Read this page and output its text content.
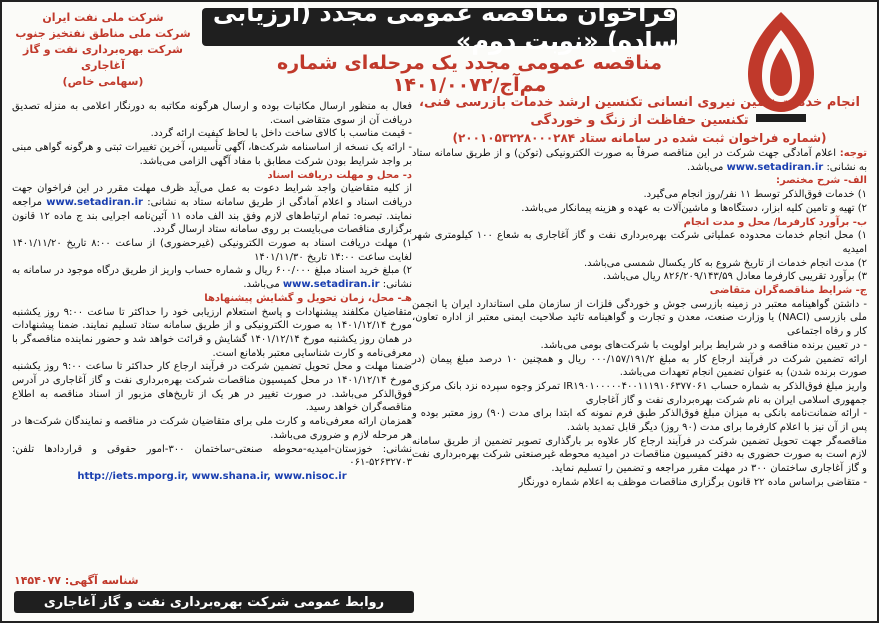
فراخوان مناقصه عمومی مجدد (ارزیابی ساده) «نوبت دوم»
مناقصه عمومی مجدد یک مرحله‌ای شماره مم‌آج/۱۴۰۱/۰۰۷۲
شرکت ملی نفت ایران
شرکت ملی مناطق نفتخیز جنوب
شرکت بهره‌برداری نفت و گاز آغاجاری
(سهامی خاص)

انجام خدمات تامین نیروی انسانی تکنسین ارشد خدمات بازرسی فنی،

تکنسین حفاظت از زنگ و خوردگی

(شماره فراخوان ثبت شده در سامانه ستاد ۲۰۰۱۰۵۳۲۲۸۰۰۰۲۸۴)

توجه: اعلام آمادگی جهت شرکت در این مناقصه صرفاً به صورت الکترونیکی (توکن) و از طریق سامانه ستاد به نشانی: www.setadiran.ir می‌باشد.

الف- شرح مختصر:

۱) خدمات فوق‌الذکر توسط ۱۱ نفر/روز انجام می‌گیرد.

۲) تهیه و تامین کلیه ابزار، دستگاه‌ها و ماشین‌آلات به عهده و هزینه پیمانکار می‌باشد.

ب- برآورد کارفرما/ محل و مدت انجام

۱) محل انجام خدمات محدوده عملیاتی شرکت بهره‌برداری نفت و گاز آغاجاری به شعاع ۱۰۰ کیلومتری شهر امیدیه

۲) مدت انجام خدمات از تاریخ شروع به کار یکسال شمسی می‌باشد.

۳) برآورد تقریبی کارفرما معادل ۸۲۶/۲۰۹/۱۴۳/۵۹ ریال می‌باشد.

ج- شرایط مناقصه‌گران متقاضی

- داشتن گواهینامه معتبر در زمینه بازرسی جوش و خوردگی فلزات از سازمان ملی استاندارد ایران یا انجمن ملی بازرسی (NACI) یا وزارت صنعت، معدن و تجارت و گواهینامه تائید صلاحیت ایمنی معتبر از اداره تعاون، کار و رفاه اجتماعی

- در تعیین برنده مناقصه و در شرایط برابر اولویت با شرکت‌های بومی می‌باشد.

ارائه تضمین شرکت در فرآیند ارجاع کار به مبلغ ۰۰۰/۱۵۷/۱۹۱/۲ ریال و همچنین ۱۰ درصد مبلغ پیمان (در صورت برنده شدن) به عنوان تضمین انجام تعهدات می‌باشد.

واریز مبلغ فوق‌الذکر به شماره حساب IR۱۹۰۱۰۰۰۰۰۴۰۰۱۱۱۹۱۰۶۳۷۷۰۶۱ تمرکز وجوه سپرده نزد بانک مرکزی جمهوری اسلامی ایران به نام شرکت بهره‌برداری نفت و گاز آغاجاری

- ارائه ضمانت‌نامه بانکی به میزان مبلغ فوق‌الذکر طبق فرم نمونه که ابتدا برای مدت (۹۰) روز معتبر بوده و پس از آن نیز با اعلام کارفرما برای مدت (۹۰ روز) دیگر قابل تمدید باشد.

مناقصه‌گر جهت تحویل تضمین شرکت در فرآیند ارجاع کار علاوه بر بارگذاری تصویر تضمین از طریق سامانه لازم است به صورت حضوری به دفتر کمیسیون مناقصات در امیدیه محوطه غیرصنعتی شرکت بهره‌برداری نفت و گاز آغاجاری ساختمان ۳۰۰ در مهلت مقرر مراجعه و تضمین را تسلیم نماید.

- متقاضی براساس ماده ۲۲ قانون برگزاری مناقصات موظف به اعلام شماره دورنگار

فعال به منظور ارسال مکاتبات بوده و ارسال هرگونه مکاتبه به دورنگار اعلامی به منزله تصدیق دریافت آن از سوی متقاضی است.

- قیمت مناسب با کالای ساخت داخل با لحاظ کیفیت ارائه گردد.

- ارائه یک نسخه از اساسنامه شرکت‌ها، آگهی تأسیس، آخرین تغییرات ثبتی و هرگونه گواهی مبنی بر واجد شرایط بودن شرکت مطابق با مفاد آگهی الزامی می‌باشد.

د- محل و مهلت دریافت اسناد

از کلیه متقاضیان واجد شرایط دعوت به عمل می‌آید ظرف مهلت مقرر در این فراخوان جهت دریافت اسناد و اعلام آمادگی از طریق سامانه ستاد به نشانی: www.setadiran.ir مراجعه نمایند. تبصره: تمام ارتباط‌های لازم وفق بند الف ماده ۱۱ آئین‌نامه اجرایی بند ج ماده ۱۲ قانون برگزاری مناقصات می‌بایست بر روی سامانه ستاد ارسال گردد.

۱) مهلت دریافت اسناد به صورت الکترونیکی (غیرحضوری) از ساعت ۸:۰۰ تاریخ ۱۴۰۱/۱۱/۲۰ لغایت ساعت ۱۴:۰۰ تاریخ ۱۴۰۱/۱۱/۳۰

۲) مبلغ خرید اسناد مبلغ ۶۰۰/۰۰۰ ریال و شماره حساب واریز از طریق درگاه موجود در سامانه به نشانی: www.setadiran.ir می‌باشد.

هـ- محل، زمان تحویل و گشایش پیشنهادها

متقاضیان مکلفند پیشنهادات و پاسخ استعلام ارزیابی خود را حداکثر تا ساعت ۹:۰۰ روز یکشنبه مورخ ۱۴۰۱/۱۲/۱۴ به صورت الکترونیکی و از طریق سامانه ستاد تسلیم نمایند. ضمنا پیشنهادات در همان روز یکشنبه مورخ ۱۴۰۱/۱۲/۱۴ گشایش و قرائت خواهد شد و حضور نماینده مناقصه‌گر با معرفی‌نامه و کارت شناسایی معتبر بلامانع است.

ضمنا مهلت و محل تحویل تضمین شرکت در فرآیند ارجاع کار حداکثر تا ساعت ۹:۰۰ روز یکشنبه مورخ ۱۴۰۱/۱۲/۱۴ در محل کمیسیون مناقصات شرکت بهره‌برداری نفت و گاز آغاجاری در آدرس فوق‌الذکر می‌باشد. در صورت تغییر در هر یک از تاریخ‌های مزبور از اسناد مناقصه به اطلاع مناقصه‌گران خواهد رسید.

همزمان ارائه معرفی‌نامه و کارت ملی برای متقاضیان شرکت در مناقصه و نمایندگان شرکت‌ها در هر مرحله لازم و ضروری می‌باشد.

نشانی: خوزستان-امیدیه-محوطه صنعتی-ساختمان ۳۰۰-امور حقوقی و قراردادها تلفن: ۵۲۶۳۲۷۰۳-۰۶۱

http://iets.mporg.ir, www.shana.ir, www.nisoc.ir

شناسه آگهی: ۱۴۵۴۰۷۷
روابط عمومی شرکت بهره‌برداری نفت و گاز آغاجاری
